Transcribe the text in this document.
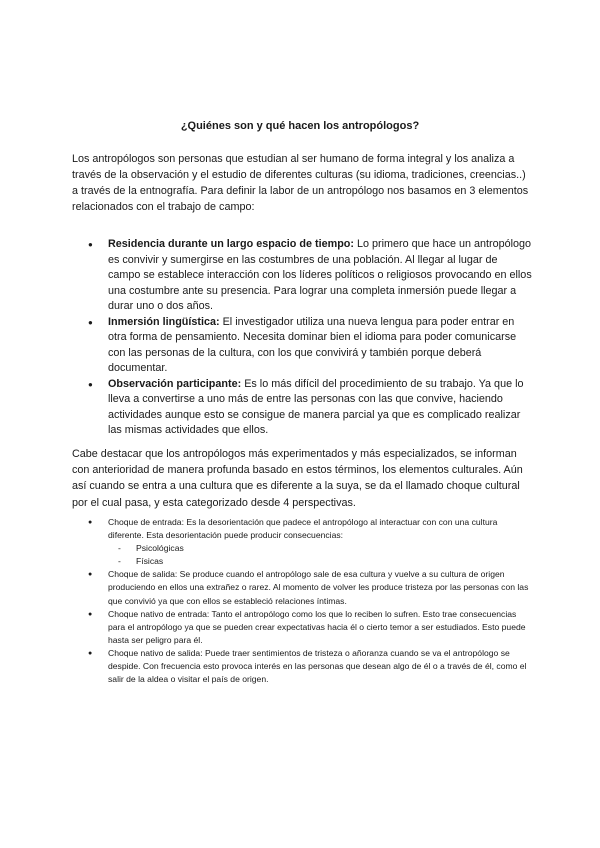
¿Quiénes son y qué hacen los antropólogos?

Los antropólogos son personas que estudian al ser humano de forma integral y los analiza a través de la observación y el estudio de diferentes culturas (su idioma, tradiciones, creencias..) a través de la entnografía. Para definir la labor de un antropólogo nos basamos en 3 elementos relacionados con el trabajo de campo:

● Residencia durante un largo espacio de tiempo: Lo primero que hace un antropólogo es convivir y sumergirse en las costumbres de una población. Al llegar al lugar de campo se establece interacción con los líderes políticos o religiosos provocando en ellos una costumbre ante su presencia. Para lograr una completa inmersión puede llegar a durar uno o dos años.
● Inmersión lingüística: El investigador utiliza una nueva lengua para poder entrar en otra forma de pensamiento. Necesita dominar bien el idioma para poder comunicarse con las personas de la cultura, con los que convivirá y también porque deberá documentar.
● Observación participante: Es lo más difícil del procedimiento de su trabajo. Ya que lo lleva a convertirse a uno más de entre las personas con las que convive, haciendo actividades aunque esto se consigue de manera parcial ya que es complicado realizar las mismas actividades que ellos.

Cabe destacar que los antropólogos más experimentados y más especializados, se informan con anterioridad de manera profunda basado en estos términos, los elementos culturales. Aún así cuando se entra a una cultura que es diferente a la suya, se da el llamado choque cultural por el cual pasa, y esta categorizado desde 4 perspectivas.

● Choque de entrada: Es la desorientación que padece el antropólogo al interactuar con con una cultura diferente. Esta desorientación puede producir consecuencias:
- Psicológicas
- Físicas
● Choque de salida: Se produce cuando el antropólogo sale de esa cultura y vuelve a su cultura de origen produciendo en ellos una extrañez o rarez. Al momento de volver les produce tristeza por las personas con las que convivió ya que con ellos se estableció relaciones íntimas.
● Choque nativo de entrada: Tanto el antropólogo como los que lo reciben lo sufren. Esto trae consecuencias para el antropólogo ya que se pueden crear expectativas hacia él o cierto temor a ser estudiados. Esto puede hasta ser peligro para él.
● Choque nativo de salida: Puede traer sentimientos de tristeza o añoranza cuando se va el antropólogo se despide. Con frecuencia esto provoca interés en las personas que desean algo de él o a través de él, como el salir de la aldea o visitar el país de origen.
